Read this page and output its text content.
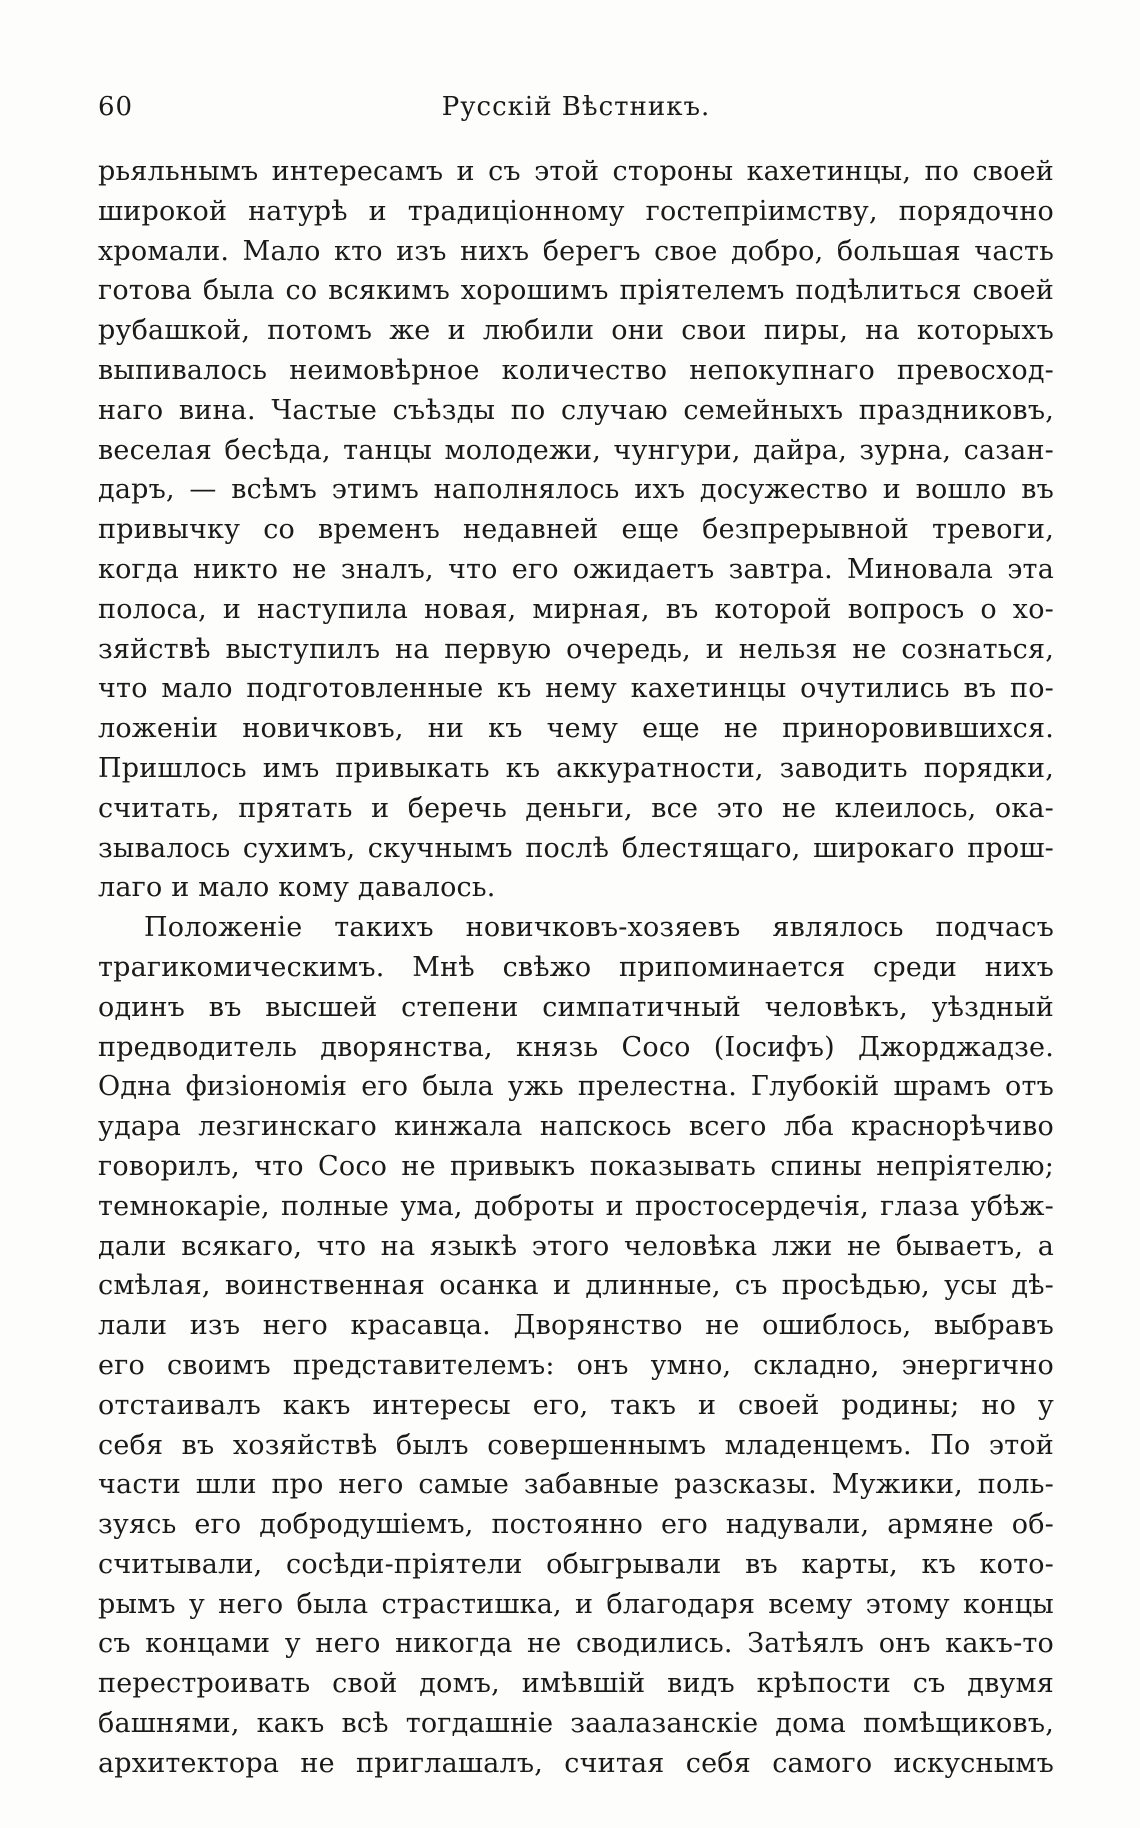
60	Русскій Вѣстникъ.
рьяльнымъ интересамъ и съ этой стороны кахетинцы, по своей
широкой натурѣ и традиціонному гостепріимству, порядочно
хромали. Мало кто изъ нихъ берегъ свое добро, большая часть
готова была со всякимъ хорошимъ пріятелемъ подѣлиться своей
рубашкой, потомъ же и любили они свои пиры, на которыхъ
выпивалось неимовѣрное количество непокупнаго превосход-
наго вина. Частые съѣзды по случаю семейныхъ праздниковъ,
веселая бесѣда, танцы молодежи, чунгури, дайра, зурна, сазан-
даръ, — всѣмъ этимъ наполнялось ихъ досужество и вошло въ
привычку со временъ недавней еще безпрерывной тревоги,
когда никто не зналъ, что его ожидаетъ завтра. Миновала эта
полоса, и наступила новая, мирная, въ которой вопросъ о хо-
зяйствѣ выступилъ на первую очередь, и нельзя не сознаться,
что мало подготовленные къ нему кахетинцы очутились въ по-
ложеніи новичковъ, ни къ чему еще не приноровившихся.
Пришлось имъ привыкать къ аккуратности, заводить порядки,
считать, прятать и беречь деньги, все это не клеилось, ока-
зывалось сухимъ, скучнымъ послѣ блестящаго, широкаго прош-
лаго и мало кому давалось.
Положеніе такихъ новичковъ-хозяевъ являлось подчасъ
трагикомическимъ. Мнѣ свѣжо припоминается среди нихъ
одинъ въ высшей степени симпатичный человѣкъ, уѣздный
предводитель дворянства, князь Сосо (Іосифъ) Джорджадзе.
Одна физіономія его была ужь прелестна. Глубокій шрамъ отъ
удара лезгинскаго кинжала напскось всего лба краснорѣчиво
говорилъ, что Сосо не привыкъ показывать спины непріятелю;
темнокаріе, полные ума, доброты и простосердечія, глаза убѣж-
дали всякаго, что на языкѣ этого человѣка лжи не бываетъ, а
смѣлая, воинственная осанка и длинные, съ просѣдью, усы дѣ-
лали изъ него красавца. Дворянство не ошиблось, выбравъ
его своимъ представителемъ: онъ умно, складно, энергично
отстаивалъ какъ интересы его, такъ и своей родины; но у
себя въ хозяйствѣ былъ совершеннымъ младенцемъ. По этой
части шли про него самые забавные разсказы. Мужики, поль-
зуясь его добродушіемъ, постоянно его надували, армяне об-
считывали, сосѣди-пріятели обыгрывали въ карты, къ кото-
рымъ у него была страстишка, и благодаря всему этому концы
съ концами у него никогда не сводились. Затѣялъ онъ какъ-то
перестроивать свой домъ, имѣвшій видъ крѣпости съ двумя
башнями, какъ всѣ тогдашніе заалазанскіе дома помѣщиковъ,
архитектора не приглашалъ, считая себя самого искуснымъ
